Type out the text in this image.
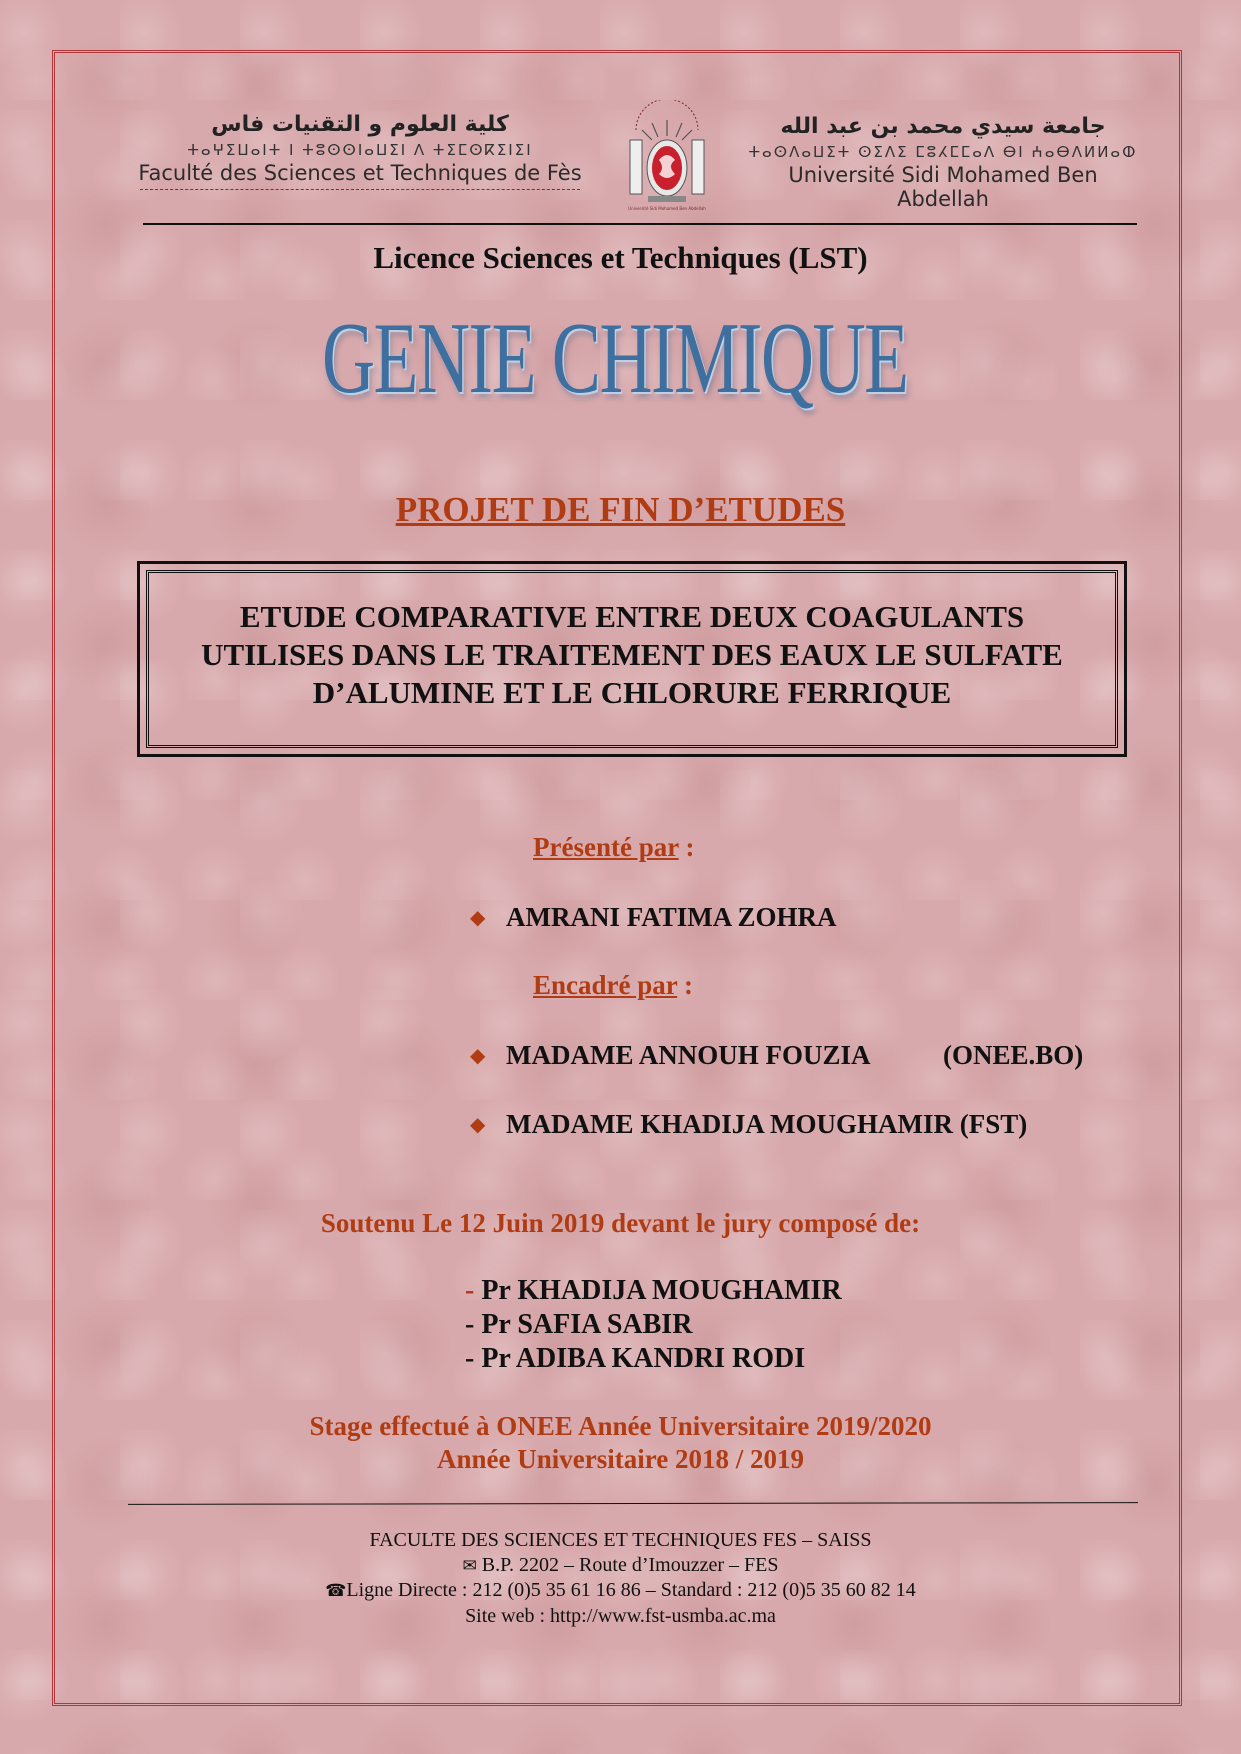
كلية العلوم و التقنيات فاس
ⵜⴰⵖⵉⵡⴰⵏⵜ ⵏ ⵜⵓⵙⵙⵏⴰⵡⵉⵏ ⴷ ⵜⵉⵎⵙⴽⵉⵏⵉⵏ
Faculté des Sciences et Techniques de Fès
Université Sidi Mohamed Ben Abdellah
جامعة سيدي محمد بن عبد الله
ⵜⴰⵙⴷⴰⵡⵉⵜ ⵙⵉⴷⵉ ⵎⵓⵃⵎⵎⴰⴷ ⴱⵏ ⵄⴰⴱⴷⵍⵍⴰⵀ
Université Sidi Mohamed Ben Abdellah
Licence Sciences et Techniques (LST)
GENIE CHIMIQUE
PROJET DE FIN D’ETUDES
ETUDE COMPARATIVE ENTRE DEUX COAGULANTS
UTILISES DANS LE TRAITEMENT DES EAUX LE SULFATE
D’ALUMINE ET LE CHLORURE FERRIQUE
Présenté par :
◆ AMRANI FATIMA ZOHRA
Encadré par :
◆ MADAME ANNOUH FOUZIA	(ONEE.BO)
◆ MADAME KHADIJA MOUGHAMIR (FST)
Soutenu Le 12 Juin 2019 devant le jury composé de:
- Pr KHADIJA MOUGHAMIR
- Pr SAFIA SABIR
- Pr ADIBA KANDRI RODI
Stage effectué à ONEE Année Universitaire 2019/2020
Année Universitaire 2018 / 2019
FACULTE DES SCIENCES ET TECHNIQUES FES – SAISS
✉ B.P. 2202 – Route d’Imouzzer – FES
☎Ligne Directe : 212 (0)5 35 61 16 86 – Standard : 212 (0)5 35 60 82 14
Site web : http://www.fst-usmba.ac.ma
